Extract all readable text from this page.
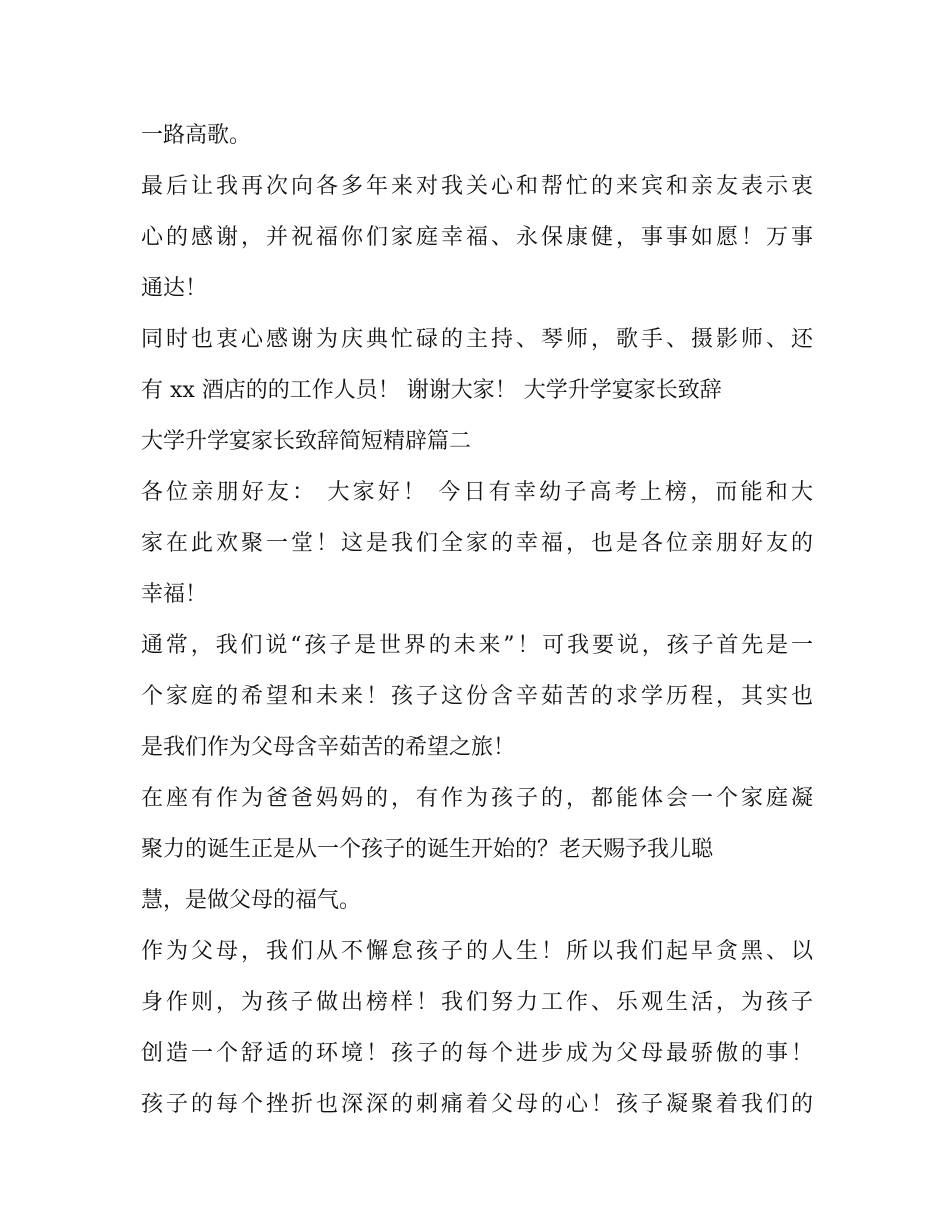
一路高歌。
最后让我再次向各多年来对我关心和帮忙的来宾和亲友表示衷
心的感谢，并祝福你们家庭幸福、永保康健，事事如愿！万事
通达！
同时也衷心感谢为庆典忙碌的主持、琴师，歌手、摄影师、还
有 xx 酒店的的工作人员！ 谢谢大家！ 大学升学宴家长致辞
大学升学宴家长致辞简短精辟篇二
各位亲朋好友： 大家好！ 今日有幸幼子高考上榜，而能和大
家在此欢聚一堂！这是我们全家的幸福，也是各位亲朋好友的
幸福！
通常，我们说“孩子是世界的未来”！可我要说，孩子首先是一
个家庭的希望和未来！孩子这份含辛茹苦的求学历程，其实也
是我们作为父母含辛茹苦的希望之旅！
在座有作为爸爸妈妈的，有作为孩子的，都能体会一个家庭凝
聚力的诞生正是从一个孩子的诞生开始的？老天赐予我儿聪
慧，是做父母的福气。
作为父母，我们从不懈怠孩子的人生！所以我们起早贪黑、以
身作则，为孩子做出榜样！我们努力工作、乐观生活，为孩子
创造一个舒适的环境！孩子的每个进步成为父母最骄傲的事！
孩子的每个挫折也深深的刺痛着父母的心！孩子凝聚着我们的
